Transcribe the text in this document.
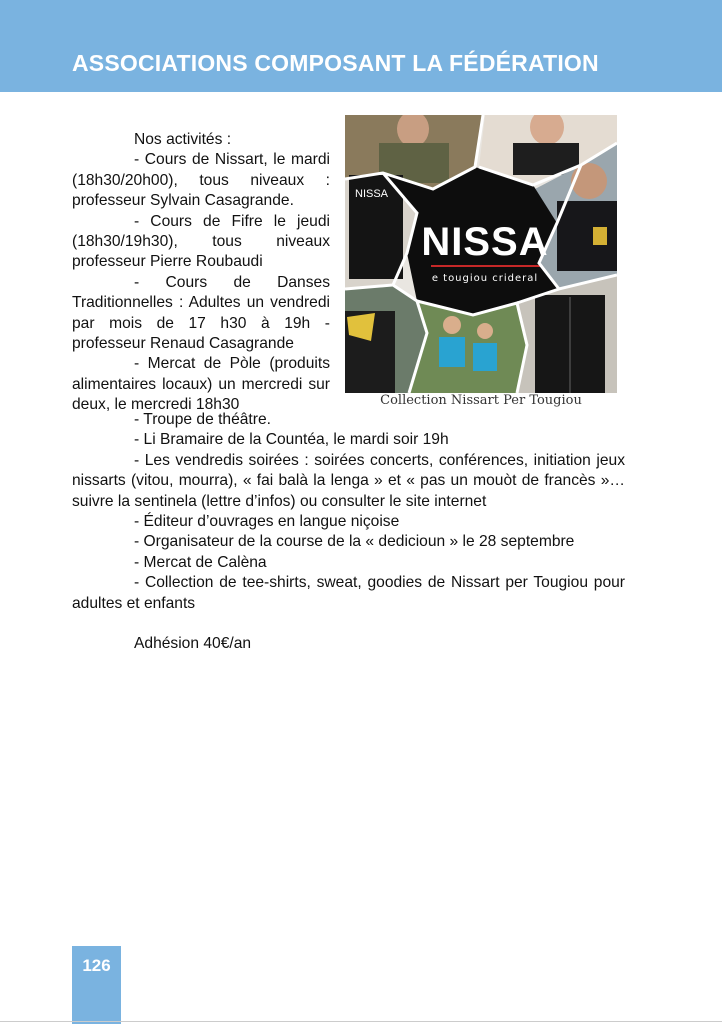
ASSOCIATIONS COMPOSANT LA FÉDÉRATION

Nos activités :

- Cours de Nissart, le mardi (18h30/20h00), tous niveaux : professeur Sylvain Casagrande.

- Cours de Fifre le jeudi (18h30/19h30), tous niveaux professeur Pierre Roubaudi

- Cours de Danses Traditionnelles : Adultes un vendredi par mois de 17 h30 à 19h - professeur Renaud Casagrande

- Mercat de Pòle (produits alimentaires locaux) un mercredi sur deux, le mercredi 18h30

NISSA
e tougiou crideral
NISSA
Collection Nissart Per Tougiou

- Troupe de théâtre.

- Li Bramaire de la Countéa, le mardi soir 19h

- Les vendredis soirées : soirées concerts, conférences, initiation jeux nissarts (vitou, mourra), « fai balà la lenga » et « pas un mouòt de francès »… suivre la sentinela (lettre d’infos) ou consulter le site internet

- Éditeur d’ouvrages en langue niçoise

- Organisateur de la course de la « dedicioun » le 28 septembre

- Mercat de Calèna

- Collection de tee-shirts, sweat, goodies de Nissart per Tougiou pour adultes et enfants

Adhésion 40€/an

126
